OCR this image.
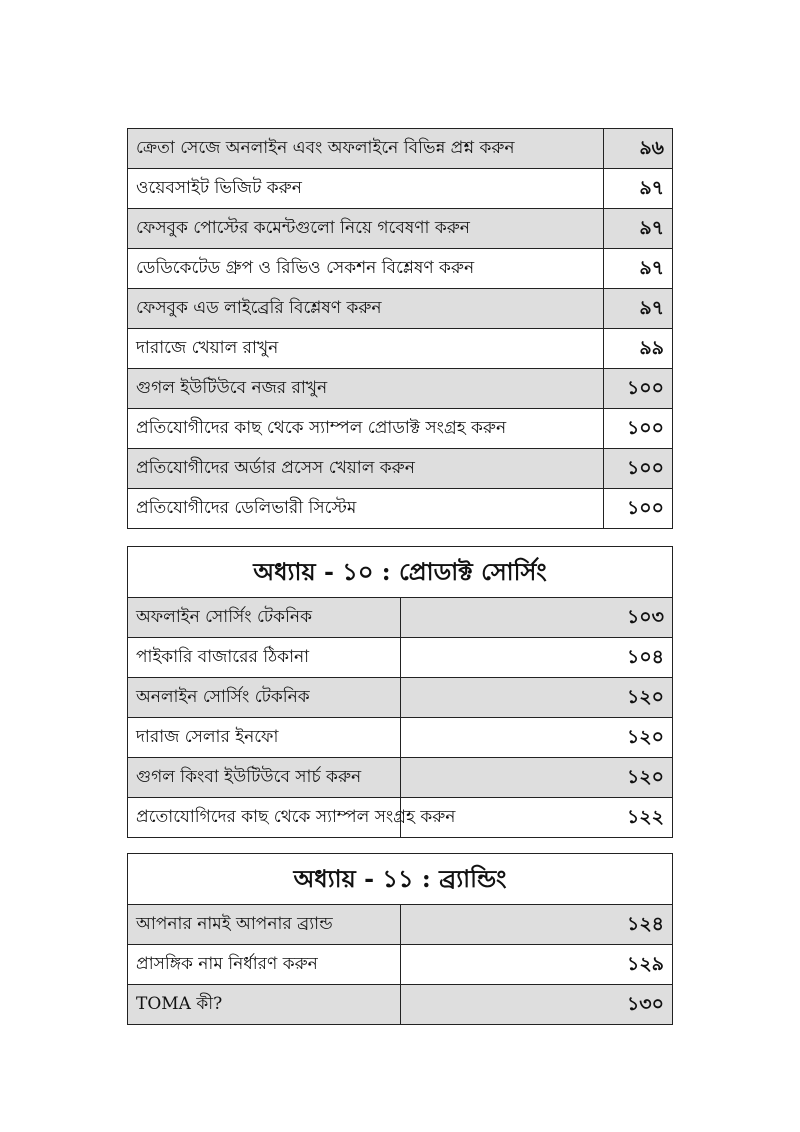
ক্রেতা সেজে অনলাইন এবং অফলাইনে বিভিন্ন প্রশ্ন করুন	৯৬
ওয়েবসাইট ভিজিট করুন	৯৭
ফেসবুক পোস্টের কমেন্টগুলো নিয়ে গবেষণা করুন	৯৭
ডেডিকেটেড গ্রুপ ও রিভিও সেকশন বিশ্লেষণ করুন	৯৭
ফেসবুক এড লাইব্রেরি বিশ্লেষণ করুন	৯৭
দারাজে খেয়াল রাখুন	৯৯
গুগল ইউটিউবে নজর রাখুন	১০০
প্রতিযোগীদের কাছ থেকে স্যাম্পল প্রোডাক্ট সংগ্রহ করুন	১০০
প্রতিযোগীদের অর্ডার প্রসেস খেয়াল করুন	১০০
প্রতিযোগীদের ডেলিভারী সিস্টেম	১০০
অধ্যায় - ১০ : প্রোডাক্ট সোর্সিং	
অফলাইন সোর্সিং টেকনিক	১০৩
পাইকারি বাজারের ঠিকানা	১০৪
অনলাইন সোর্সিং টেকনিক	১২০
দারাজ সেলার ইনফো	১২০
গুগল কিংবা ইউটিউবে সার্চ করুন	১২০
প্রতোযোগিদের কাছ থেকে স্যাম্পল সংগ্রহ করুন	১২২
অধ্যায় - ১১ : ব্র্যান্ডিং	
আপনার নামই আপনার ব্র্যান্ড	১২৪
প্রাসঙ্গিক নাম নির্ধারণ করুন	১২৯
TOMA কী?	১৩০
